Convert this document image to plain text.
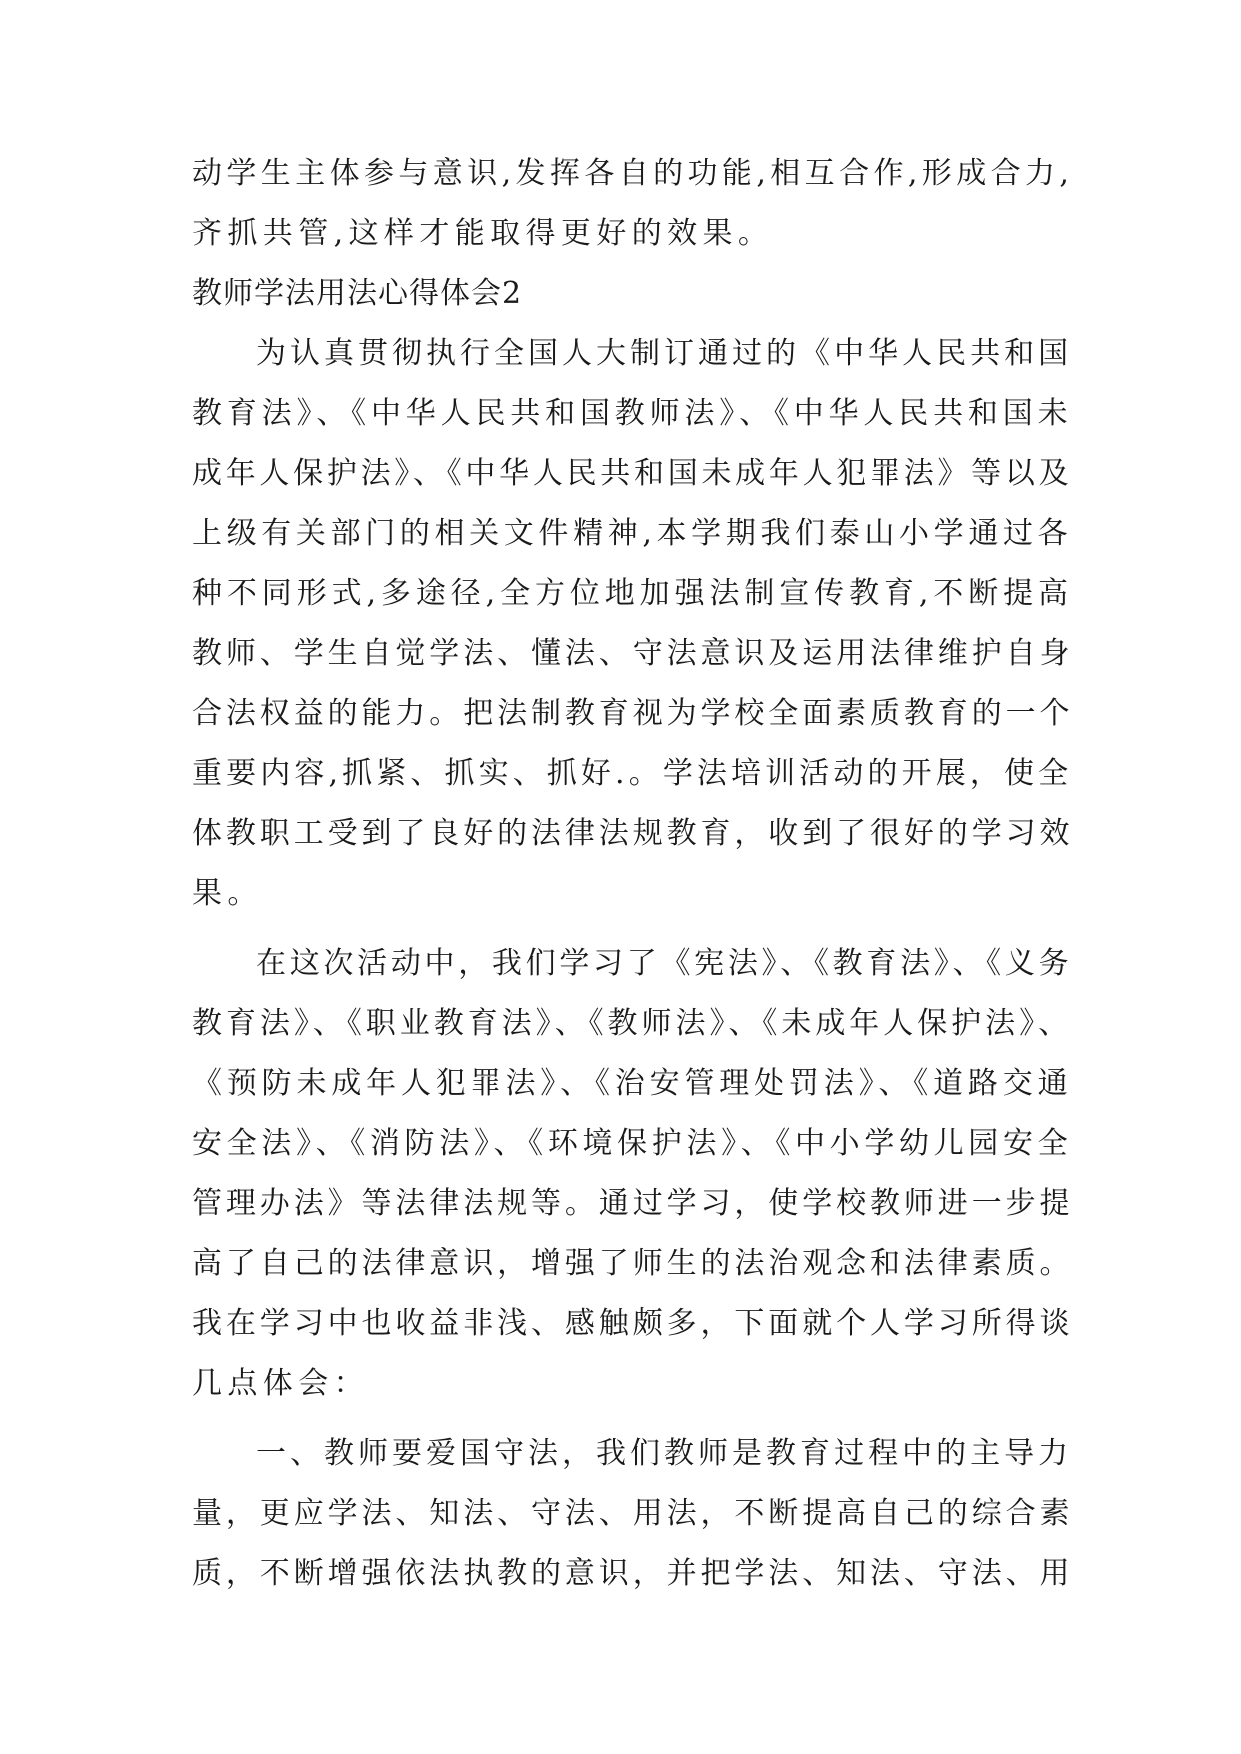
动学生主体参与意识,发挥各自的功能,相互合作,形成合力,
齐抓共管,这样才能取得更好的效果。
教师学法用法心得体会2
为认真贯彻执行全国人大制订通过的《中华人民共和国
教育法》、《中华人民共和国教师法》、《中华人民共和国未
成年人保护法》、《中华人民共和国未成年人犯罪法》等以及
上级有关部门的相关文件精神,本学期我们泰山小学通过各
种不同形式,多途径,全方位地加强法制宣传教育,不断提高
教师、学生自觉学法、懂法、守法意识及运用法律维护自身
合法权益的能力。把法制教育视为学校全面素质教育的一个
重要内容,抓紧、抓实、抓好.。学法培训活动的开展，使全
体教职工受到了良好的法律法规教育，收到了很好的学习效
果。
在这次活动中，我们学习了《宪法》、《教育法》、《义务
教育法》、《职业教育法》、《教师法》、《未成年人保护法》、
《预防未成年人犯罪法》、《治安管理处罚法》、《道路交通
安全法》、《消防法》、《环境保护法》、《中小学幼儿园安全
管理办法》等法律法规等。通过学习，使学校教师进一步提
高了自己的法律意识，增强了师生的法治观念和法律素质。
我在学习中也收益非浅、感触颇多，下面就个人学习所得谈
几点体会：
一、教师要爱国守法，我们教师是教育过程中的主导力
量，更应学法、知法、守法、用法，不断提高自己的综合素
质，不断增强依法执教的意识，并把学法、知法、守法、用
